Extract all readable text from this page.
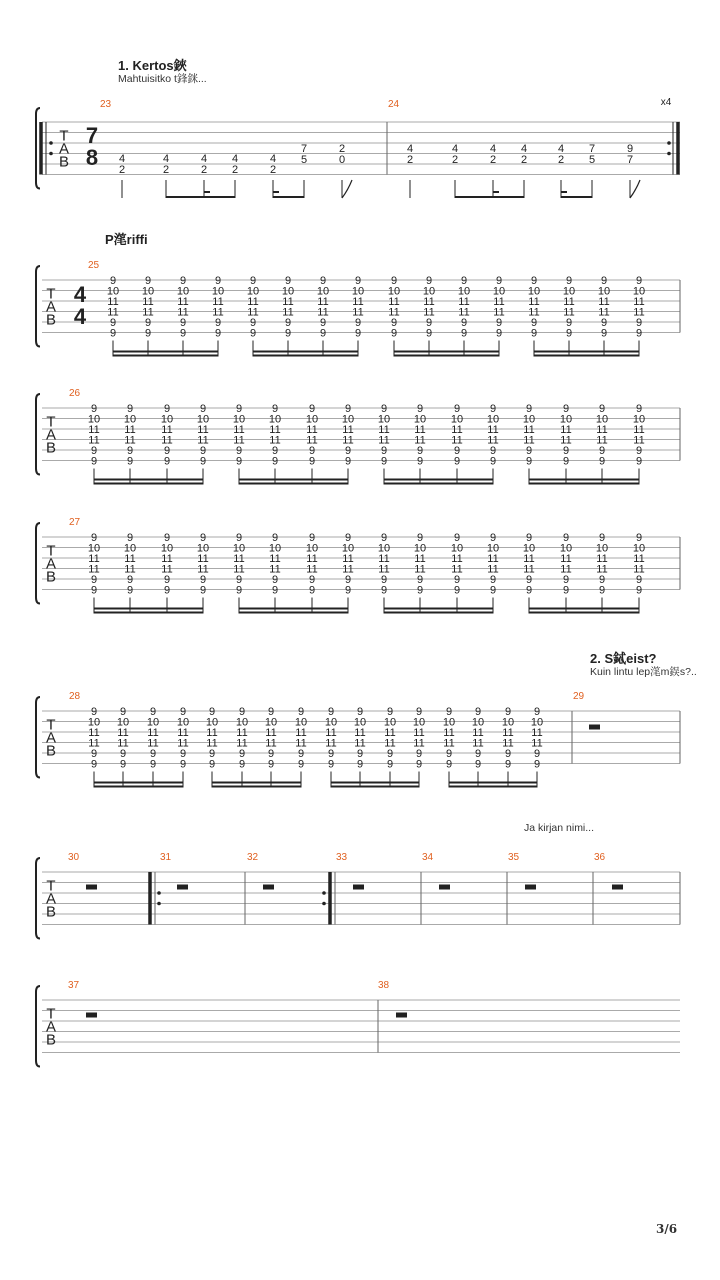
1. Kertos鋏
Mahtuisitko t鋒銤...
P滗riffi
2. S鋱eist?
Kuin lintu lep滗m鋘s?..
Ja kirjan nimi...
3/6
T
A
B
7
8
23	24	x4
4
2
4
2
4
2
4
2
4
2
7
5
2
0
4
2
4
2
4
2
4
2
4
2
7
5
9
7
T
A
B
4
4
9
10
11
11
9
9
9
10
11
11
9
9
9
10
11
11
9
9
9
10
11
11
9
9
9
10
11
11
9
9
9
10
11
11
9
9
9
10
11
11
9
9
9
10
11
11
9
9
9
10
11
11
9
9
9
10
11
11
9
9
9
10
11
11
9
9
9
10
11
11
9
9
9
10
11
11
9
9
9
10
11
11
9
9
9
10
11
11
9
9
9
10
11
11
9
9
25
T
A
B
9
10
11
11
9
9
9
10
11
11
9
9
9
10
11
11
9
9
9
10
11
11
9
9
9
10
11
11
9
9
9
10
11
11
9
9
9
10
11
11
9
9
9
10
11
11
9
9
9
10
11
11
9
9
9
10
11
11
9
9
9
10
11
11
9
9
9
10
11
11
9
9
9
10
11
11
9
9
9
10
11
11
9
9
9
10
11
11
9
9
9
10
11
11
9
9
26
T
A
B
9
10
11
11
9
9
9
10
11
11
9
9
9
10
11
11
9
9
9
10
11
11
9
9
9
10
11
11
9
9
9
10
11
11
9
9
9
10
11
11
9
9
9
10
11
11
9
9
9
10
11
11
9
9
9
10
11
11
9
9
9
10
11
11
9
9
9
10
11
11
9
9
9
10
11
11
9
9
9
10
11
11
9
9
9
10
11
11
9
9
9
10
11
11
9
9
27
T
A
B
9
10
11
11
9
9
9
10
11
11
9
9
9
10
11
11
9
9
9
10
11
11
9
9
9
10
11
11
9
9
9
10
11
11
9
9
9
10
11
11
9
9
9
10
11
11
9
9
9
10
11
11
9
9
9
10
11
11
9
9
9
10
11
11
9
9
9
10
11
11
9
9
9
10
11
11
9
9
9
10
11
11
9
9
9
10
11
11
9
9
9
10
11
11
9
9
28	29
T
A
B
30	31	32	33	34	35	36
T
A
B
37	38
